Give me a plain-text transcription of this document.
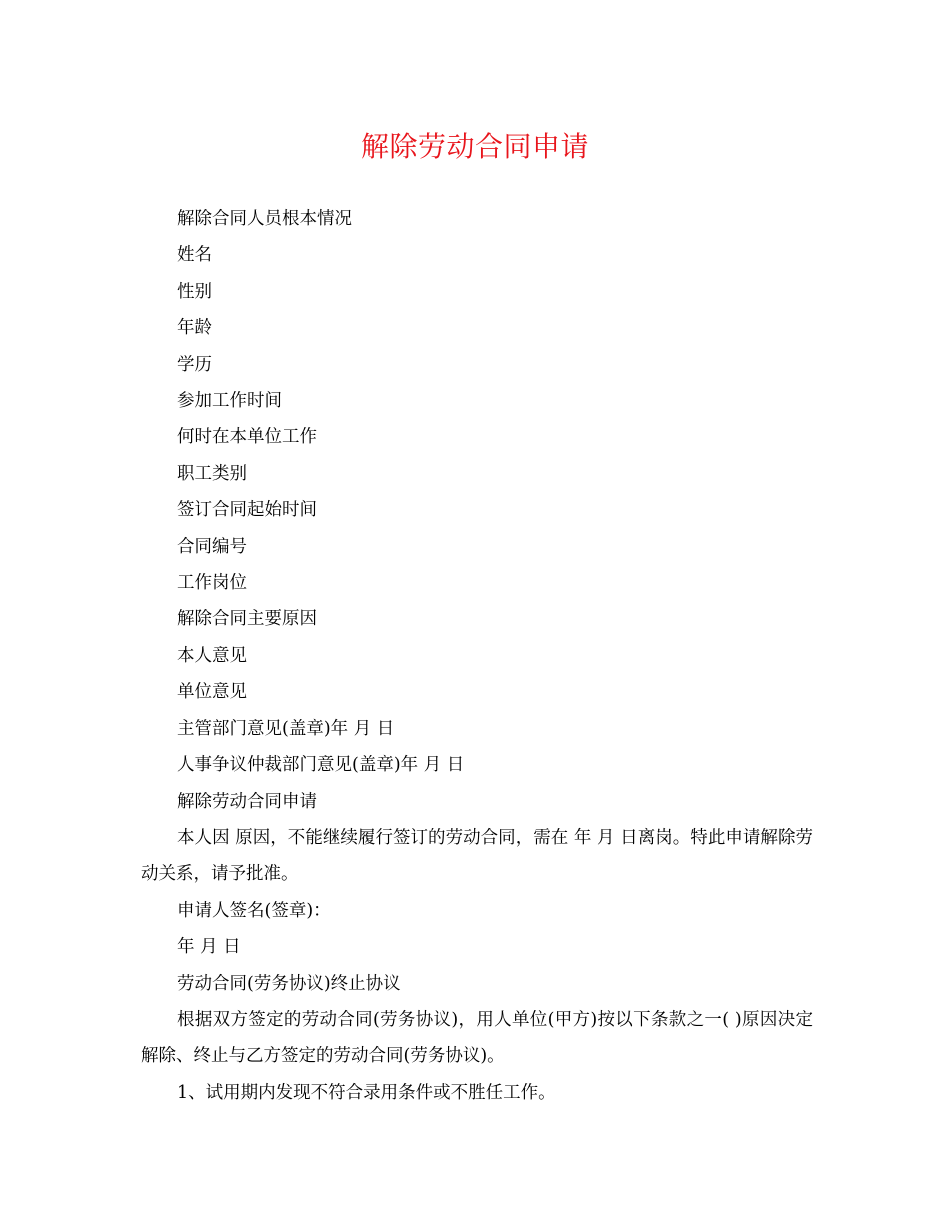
解除劳动合同申请

解除合同人员根本情况

姓名

性别

年龄

学历

参加工作时间

何时在本单位工作

职工类别

签订合同起始时间

合同编号

工作岗位

解除合同主要原因

本人意见

单位意见

主管部门意见(盖章)年 月 日

人事争议仲裁部门意见(盖章)年 月 日

解除劳动合同申请

本人因 原因，不能继续履行签订的劳动合同，需在 年 月 日离岗。特此申请解除劳动关系，请予批准。

申请人签名(签章)：

年 月 日

劳动合同(劳务协议)终止协议

根据双方签定的劳动合同(劳务协议)，用人单位(甲方)按以下条款之一( )原因决定解除、终止与乙方签定的劳动合同(劳务协议)。

1、试用期内发现不符合录用条件或不胜任工作。
